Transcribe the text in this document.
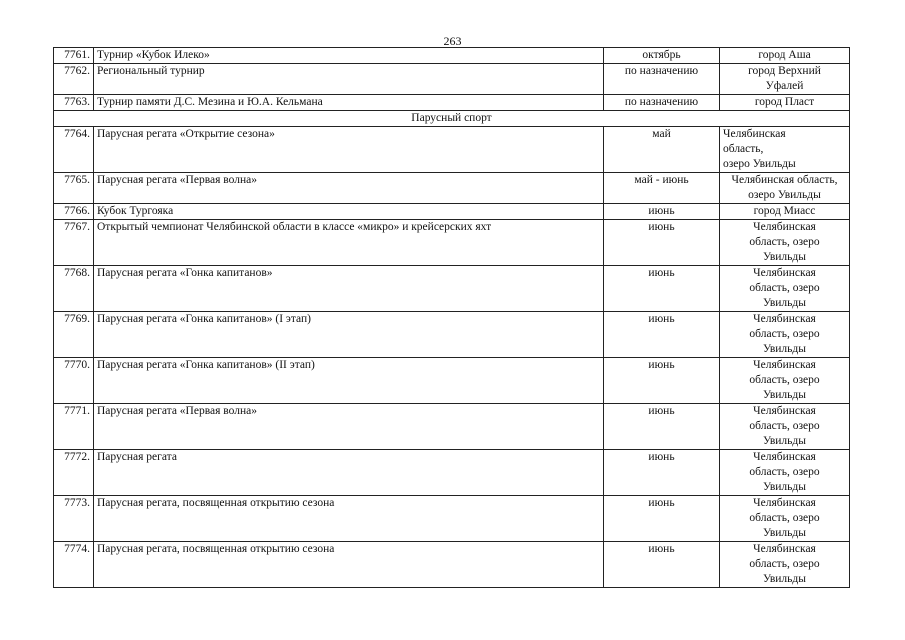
263
7761.	Турнир «Кубок Илеко»	октябрь	город Аша

7762.	Региональный турнир	по назначению	город Верхний
Уфалей

7763.	Турнир памяти Д.С. Мезина и Ю.А. Кельмана	по назначению	город Пласт

Парусный спорт			
7764.	Парусная регата «Открытие сезона»	май	Челябинская
область,
озеро Увильды

7765.	Парусная регата «Первая волна»	май - июнь	Челябинская область,
озеро Увильды

7766.	Кубок Тургояка	июнь	город Миасс

7767.	Открытый чемпионат Челябинской области в классе «микро» и крейсерских яхт	июнь	Челябинская
область, озеро
Увильды

7768.	Парусная регата «Гонка капитанов»	июнь	Челябинская
область, озеро
Увильды

7769.	Парусная регата «Гонка капитанов» (I этап)	июнь	Челябинская
область, озеро
Увильды

7770.	Парусная регата «Гонка капитанов» (II этап)	июнь	Челябинская
область, озеро
Увильды

7771.	Парусная регата «Первая волна»	июнь	Челябинская
область, озеро
Увильды

7772.	Парусная регата	июнь	Челябинская
область, озеро
Увильды

7773.	Парусная регата, посвященная открытию сезона	июнь	Челябинская
область, озеро
Увильды

7774.	Парусная регата, посвященная открытию сезона	июнь	Челябинская
область, озеро
Увильды
